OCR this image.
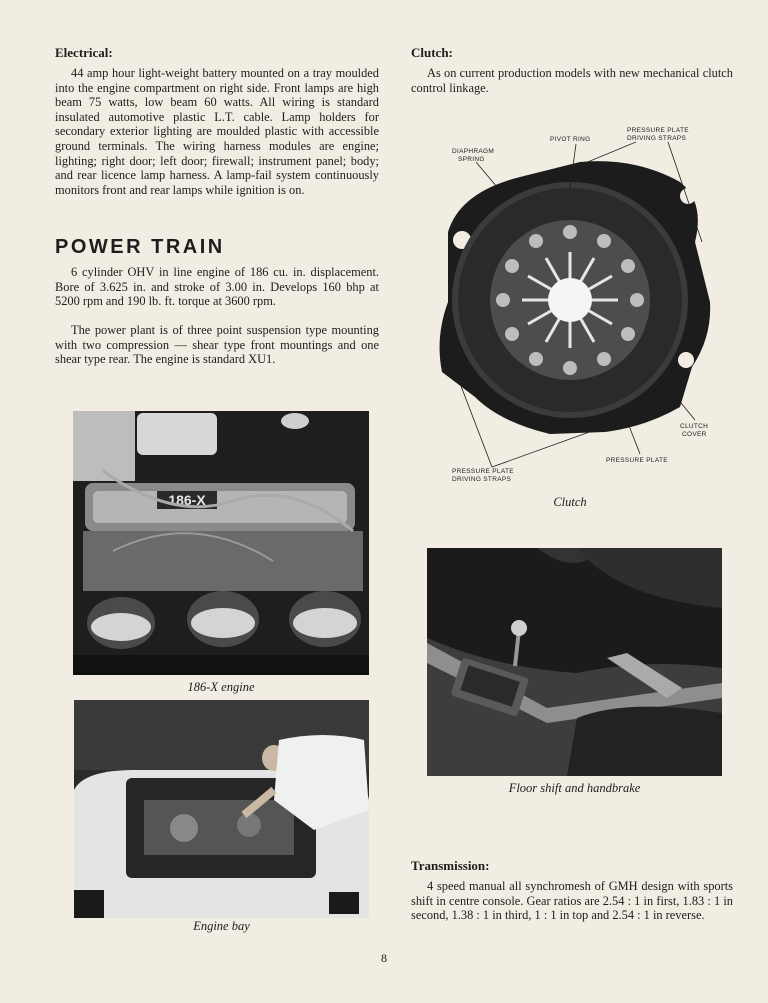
Electrical:

44 amp hour light-weight battery mounted on a tray moulded into the engine compartment on right side. Front lamps are high beam 75 watts, low beam 60 watts. All wiring is standard insulated automotive plastic L.T. cable. Lamp holders for secondary exterior lighting are moulded plastic with accessible ground terminals. The wiring harness modules are engine; lighting; right door; left door; firewall; instrument panel; body; and rear licence lamp harness. A lamp-fail system continuously monitors front and rear lamps while ignition is on.

POWER TRAIN

6 cylinder OHV in line engine of 186 cu. in. displacement. Bore of 3.625 in. and stroke of 3.00 in. Develops 160 bhp at 5200 rpm and 190 lb. ft. torque at 3600 rpm.

The power plant is of three point suspension type mounting with two compression — shear type front mountings and one shear type rear. The engine is standard XU1.

186-X

186-X engine

Engine bay

Clutch:

As on current production models with new mechanical clutch control linkage.

DIAPHRAGM
SPRING
PIVOT RING
PRESSURE PLATE
DRIVING STRAPS
CLUTCH
COVER
PRESSURE PLATE
PRESSURE PLATE
DRIVING STRAPS

Clutch

Floor shift and handbrake

Transmission:

4 speed manual all synchromesh of GMH design with sports shift in centre console. Gear ratios are 2.54 : 1 in first, 1.83 : 1 in second, 1.38 : 1 in third, 1 : 1 in top and 2.54 : 1 in reverse.

8
